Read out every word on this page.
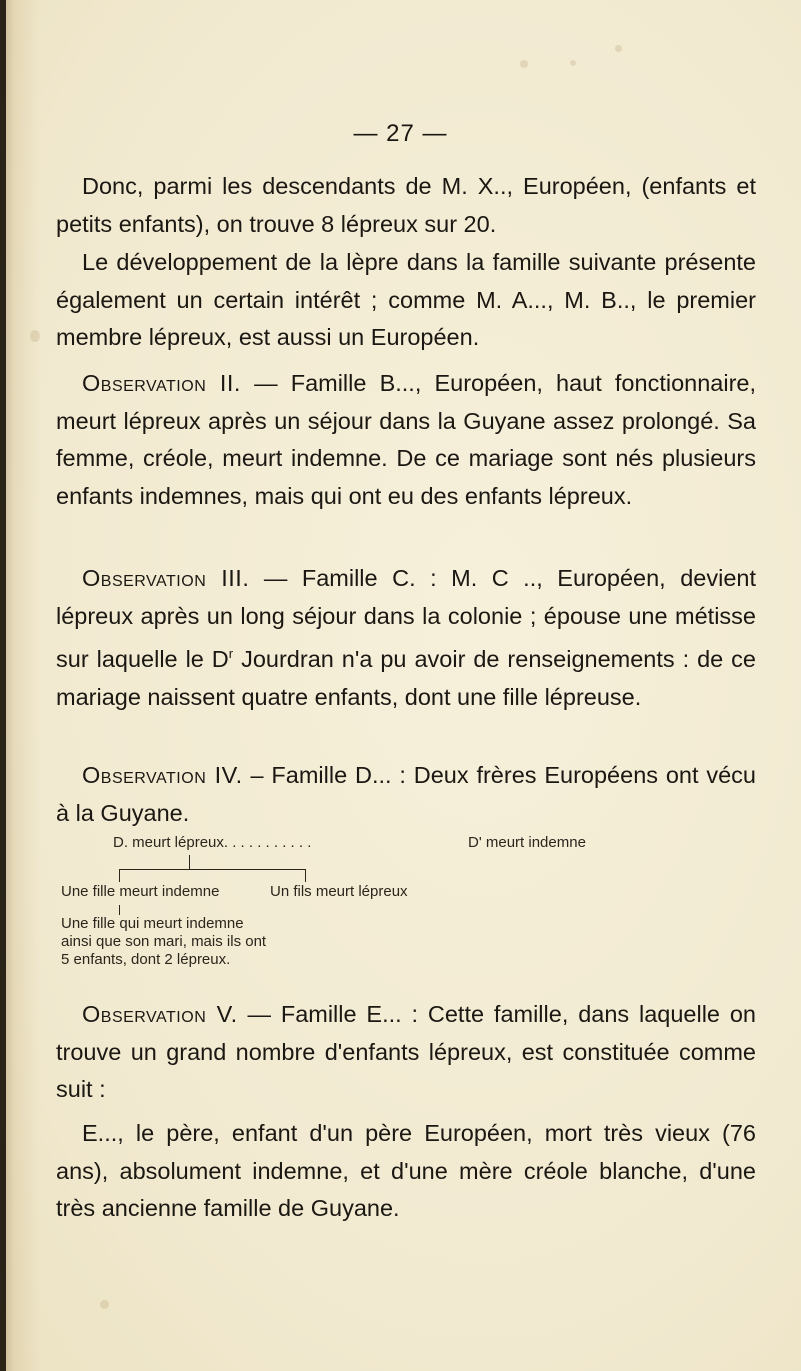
— 27 —

Donc, parmi les descendants de M. X.., Européen, (enfants et petits enfants), on trouve 8 lépreux sur 20.

Le développement de la lèpre dans la famille suivante présente également un certain intérêt ; comme M. A..., M. B.., le premier membre lépreux, est aussi un Européen.

Observation II. — Famille B..., Européen, haut fonctionnaire, meurt lépreux après un séjour dans la Guyane assez prolongé. Sa femme, créole, meurt indemne. De ce mariage sont nés plusieurs enfants indemnes, mais qui ont eu des enfants lépreux.

Observation III. — Famille C. : M. C .., Européen, devient lépreux après un long séjour dans la colonie ; épouse une métisse sur laquelle le $D^r$ Jourdran n'a pu avoir de renseignements : de ce mariage naissent quatre enfants, dont une fille lépreuse.

Observation IV. – Famille D... : Deux frères Européens ont vécu à la Guyane.

D. meurt lépreux. . . . . . . . . . .	D' meurt indemne
Une fille meurt indemne	Un fils meurt lépreux
Une fille qui meurt indemne
ainsi que son mari, mais ils ont
5 enfants, dont 2 lépreux.

Observation V. — Famille E... : Cette famille, dans laquelle on trouve un grand nombre d'enfants lépreux, est constituée comme suit :

E..., le père, enfant d'un père Européen, mort très vieux (76 ans), absolument indemne, et d'une mère créole blanche, d'une très ancienne famille de Guyane.
